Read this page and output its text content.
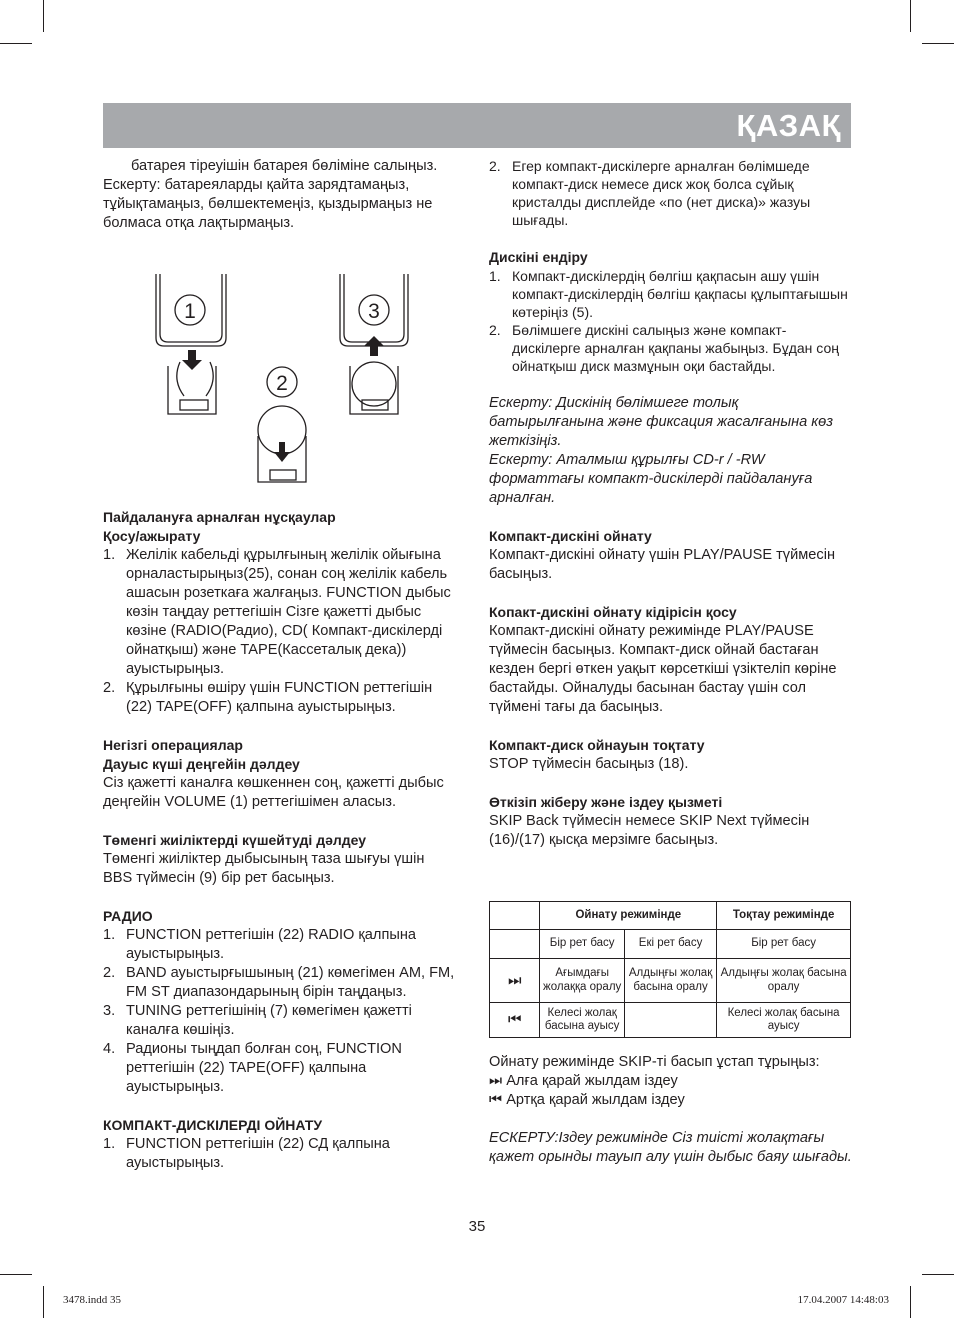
ҚАЗАҚ

батарея тіреуішін батарея бөліміне салыңыз.

Ескерту: батареяларды қайта зарядтамаңыз, тұйықтамаңыз, бөлшектемеңіз, қыздырмаңыз не болмаса отқа лақтырмаңыз.

1
2
3

Пайдалануға арналған нұсқаулар

Қосу/ажырату

1. Желілік кабельді құрылғының желілік ойығына орналастырыңыз(25), сонан соң желілік кабель ашасын розеткаға жалғаңыз. FUNCTION дыбыс көзін таңдау реттегішін Сізге қажетті дыбыс көзіне (RADIO(Радио), CD( Компакт-дискілерді ойнатқыш) және TAPE(Кассеталық дека)) ауыстырыңыз.
2. Құрылғыны өшіру үшін FUNCTION реттегішін (22) TAPE(OFF) қалпына ауыстырыңыз.

Негізгі операциялар

Дауыс күші деңгейін дәлдеу

Сіз қажетті каналға көшкеннен соң, қажетті дыбыс деңгейін VOLUME (1) реттегішімен аласыз.

Төменгі жиіліктерді күшейтуді дәлдеу

Төменгі жиіліктер дыбысының таза шығуы үшін BBS түймесін (9) бір рет басыңыз.

РАДИО

1. FUNCTION реттегішін (22) RADIO қалпына ауыстырыңыз.
2. BAND ауыстырғышының (21) көмегімен AM, FM, FM ST диапазондарының бірін таңдаңыз.
3. TUNING реттегішінің (7) көмегімен қажетті каналға көшіңіз.
4. Радионы тыңдап болған соң, FUNCTION реттегішін (22) TAPE(OFF) қалпына ауыстырыңыз.

КОМПАКТ-ДИСКІЛЕРДІ ОЙНАТУ

1. FUNCTION реттегішін (22) СД қалпына ауыстырыңыз.
2. Егер компакт-дискілерге арналған бөлімшеде компакт-диск немесе диск жоқ болса сұйық кристалды дисплейде «по (нет диска)» жазуы шығады.

Дискіні ендіру

1. Компакт-дискілердің бөлгіш қақпасын ашу үшін компакт-дискілердің бөлгіш қақпасы құлыптағышын көтеріңіз (5).
2. Бөлімшеге дискіні салыңыз және компакт-дискілерге арналған қақпаны жабыңыз. Бұдан соң ойнатқыш диск мазмұнын оқи бастайды.

Ескерту: Дискінің бөлімшеге толық батырылғанына және фиксация жасалғанына көз жеткізіңіз.

Ескерту: Аталмыш құрылғы CD-r / -RW форматтағы компакт-дискілерді пайдалануға арналған.

Компакт-дискіні ойнату

Компакт-дискіні ойнату үшін PLAY/PAUSE түймесін басыңыз.

Копакт-дискіні ойнату кідірісін қосу

Компакт-дискіні ойнату режимінде PLAY/PAUSE түймесін басыңыз. Компакт-диск ойнай бастаған кезден бергі өткен уақыт көрсеткіші үзіктеліп көріне бастайды. Ойналуды басынан бастау үшін сол түймені тағы да басыңыз.

Компакт-диск ойнауын тоқтату

STOP түймесін басыңыз (18).

Өткізіп жіберу және іздеу қызметі

SKIP Back түймесін немесе SKIP Next түймесін (16)/(17) қысқа мерзімге басыңыз.

	Ойнату режимінде		Тоқтау режимінде
	Бір рет басу	Екі рет басу	Бір рет басу
⏭	Ағымдағы жолаққа оралу	Алдыңғы жолақ басына оралу	Алдыңғы жолақ басына оралу
⏮	Келесі жолақ басына ауысу		Келесі жолақ басына ауысу

Ойнату режимінде SKIP-ті басып ұстап тұрыңыз:

⏭ Алға қарай жылдам іздеу

⏮ Артқа қарай жылдам іздеу

ЕСКЕРТУ:Іздеу режимінде Сіз тиісті жолақтағы қажет орынды тауып алу үшін дыбыс баяу шығады.

35
3478.indd 35	17.04.2007 14:48:03
